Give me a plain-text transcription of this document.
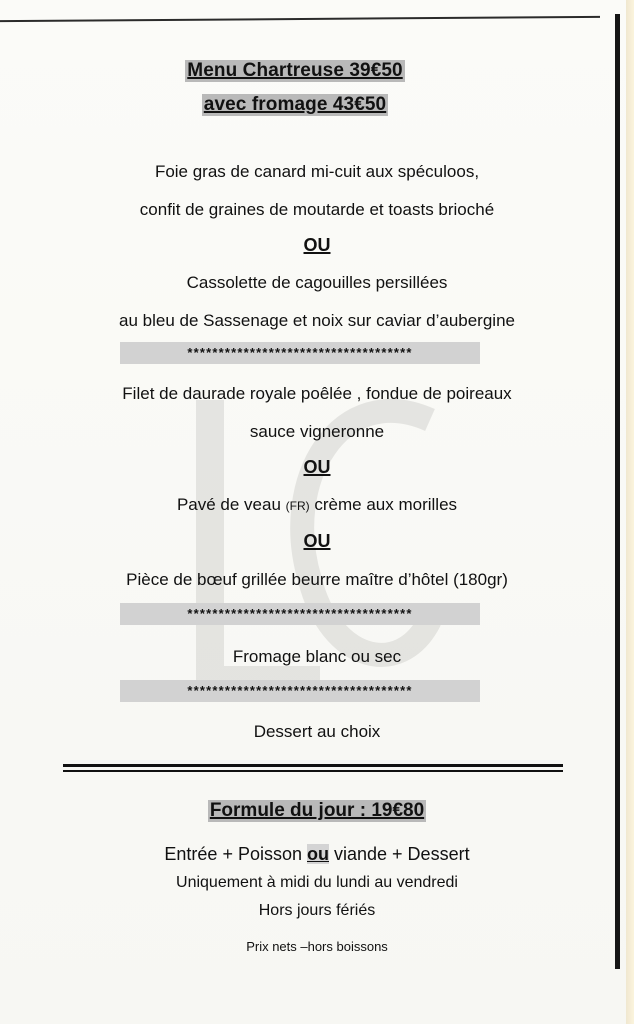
Menu Chartreuse 39€50
avec fromage 43€50
Foie gras de canard mi-cuit aux spéculoos,
confit de graines de moutarde et toasts brioché
OU
Cassolette de cagouilles persillées
au bleu de Sassenage et noix sur caviar d’aubergine
************************************
Filet de daurade royale poêlée , fondue de poireaux
sauce vigneronne
OU
Pavé de veau (FR) crème aux morilles
OU
Pièce de bœuf grillée beurre maître d’hôtel (180gr)
************************************
Fromage blanc ou sec
************************************
Dessert au choix
Formule du jour : 19€80
Entrée + Poisson ou viande + Dessert
Uniquement à midi du lundi au vendredi
Hors jours fériés
Prix nets –hors boissons
